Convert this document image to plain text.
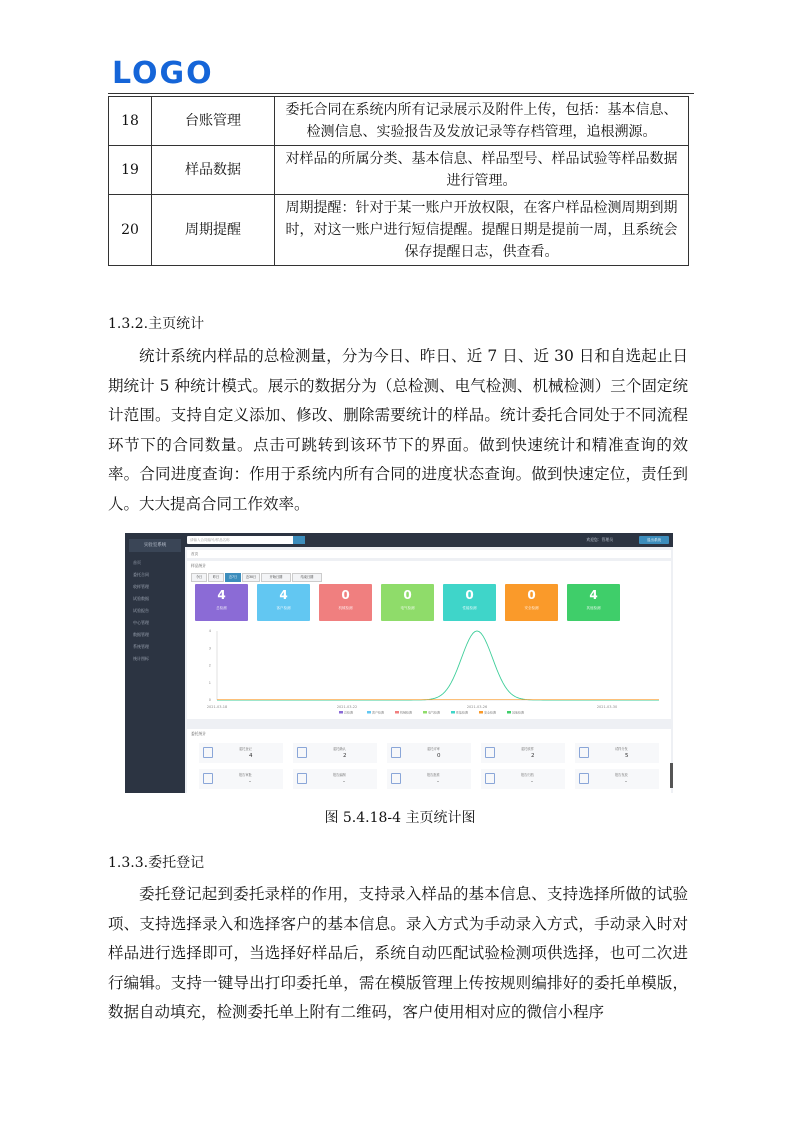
LOGO
18	台账管理	委托合同在系统内所有记录展示及附件上传，包括：基本信息、检测信息、实验报告及发放记录等存档管理，追根溯源。
19	样品数据	对样品的所属分类、基本信息、样品型号、样品试验等样品数据进行管理。
20	周期提醒	周期提醒：针对于某一账户开放权限，在客户样品检测周期到期时，对这一账户进行短信提醒。提醒日期是提前一周，且系统会保存提醒日志，供查看。
1.3.2.主页统计
统计系统内样品的总检测量，分为今日、昨日、近 7 日、近 30 日和自选起止日期统计 5 种统计模式。展示的数据分为（总检测、电气检测、机械检测）三个固定统计范围。支持自定义添加、修改、删除需要统计的样品。统计委托合同处于不同流程环节下的合同数量。点击可跳转到该环节下的界面。做到快速统计和精准查询的效率。合同进度查询：作用于系统内所有合同的进度状态查询。做到快速定位，责任到人。大大提高合同工作效率。
实验室系统
首页
委托合同
收样管理
试验数据
试验报告
中心管理
数据管理
系统管理
统计图标
请输入合同编号/样品名称	欢迎您：管理员	退出系统
首页
样品统计
今日	昨日	近7日	近30日	开始日期	结束日期
4
总检测
4
客户检测
0
机械检测
0
电气检测
0
性能检测
0
安全检测
4
其他检测
0
1
2
3
4
2021-03-18	2021-03-22	2021-03-26	2021-03-30
总检测	客户检测	机械检测	电气检测	性能检测	安全检测	其他检测
委托统计
委托登记
4
委托确认
2
委托评审
0
委托收样
2
试样分发
5
报告审批
-
报告编制
-
报告批准
-
报告归档
-
报告发放
-
图 5.4.18-4 主页统计图
1.3.3.委托登记
委托登记起到委托录样的作用，支持录入样品的基本信息、支持选择所做的试验项、支持选择录入和选择客户的基本信息。录入方式为手动录入方式，手动录入时对样品进行选择即可，当选择好样品后，系统自动匹配试验检测项供选择，也可二次进行编辑。支持一键导出打印委托单，需在模版管理上传按规则编排好的委托单模版，数据自动填充，检测委托单上附有二维码，客户使用相对应的微信小程序
